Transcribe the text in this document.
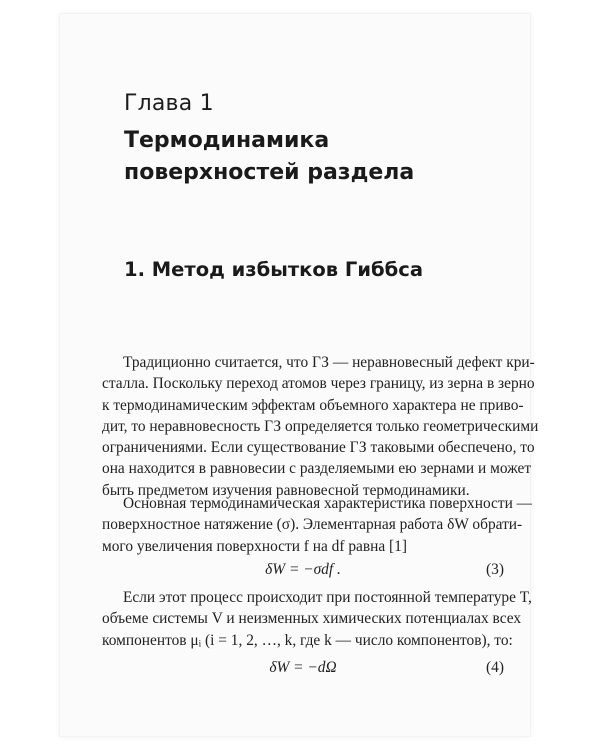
Глава 1
Термодинамика
поверхностей раздела
1. Метод избытков Гиббса
Традиционно считается, что ГЗ — неравновесный дефект кри-
сталла. Поскольку переход атомов через границу, из зерна в зерно
к термодинамическим эффектам объемного характера не приво-
дит, то неравновесность ГЗ определяется только геометрическими
ограничениями. Если существование ГЗ таковыми обеспечено, то
она находится в равновесии с разделяемыми ею зернами и может
быть предметом изучения равновесной термодинамики.
Основная термодинамическая характеристика поверхности —
поверхностное натяжение (σ). Элементарная работа δW обрати-
мого увеличения поверхности f на df равна [1]
δW = −σdf .	(3)
Если этот процесс происходит при постоянной температуре T,
объеме системы V и неизменных химических потенциалах всех
компонентов μᵢ (i = 1, 2, …, k, где k — число компонентов), то:
δW = −dΩ	(4)
